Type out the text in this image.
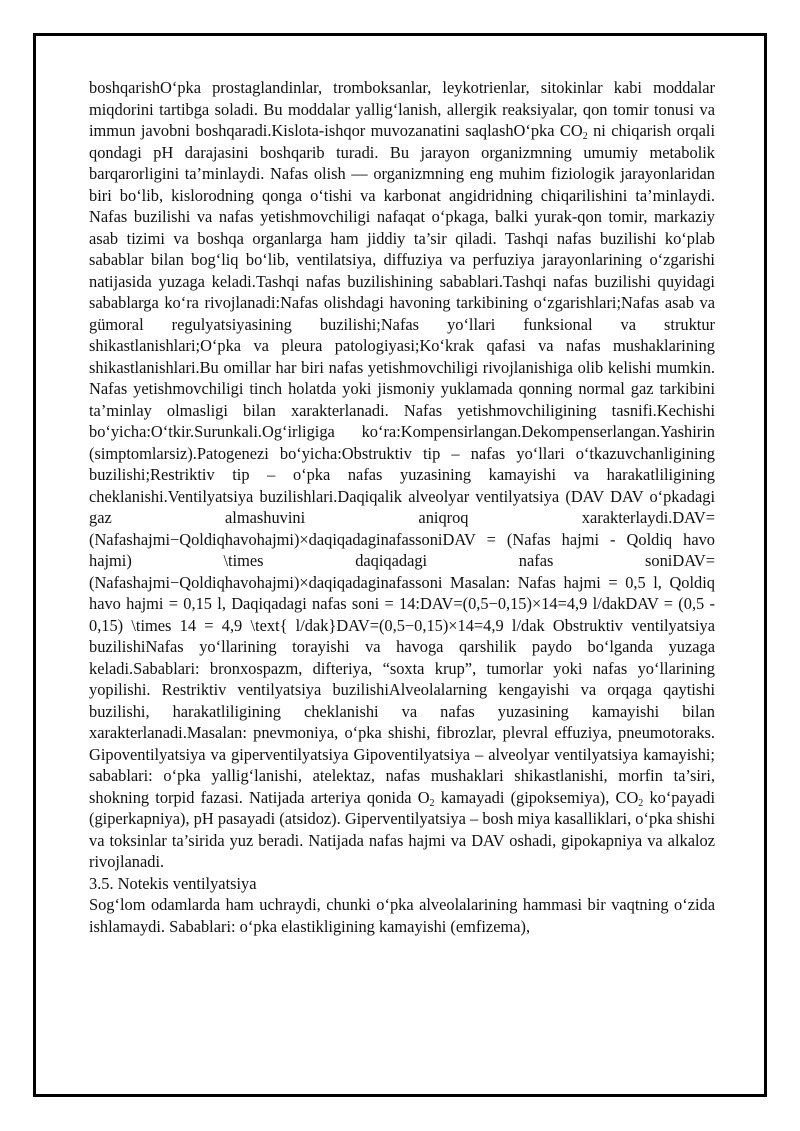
boshqarishO‘pka prostaglandinlar, tromboksanlar, leykotrienlar, sitokinlar kabi moddalar miqdorini tartibga soladi. Bu moddalar yallig‘lanish, allergik reaksiyalar, qon tomir tonusi va immun javobni boshqaradi.Kislota-ishqor muvozanatini saqlashO‘pka $CO_2$ ni chiqarish orqali qondagi pH darajasini boshqarib turadi. Bu jarayon organizmning umumiy metabolik barqarorligini ta’minlaydi. Nafas olish — organizmning eng muhim fiziologik jarayonlaridan biri bo‘lib, kislorodning qonga o‘tishi va karbonat angidridning chiqarilishini ta’minlaydi. Nafas buzilishi va nafas yetishmovchiligi nafaqat o‘pkaga, balki yurak-qon tomir, markaziy asab tizimi va boshqa organlarga ham jiddiy ta’sir qiladi. Tashqi nafas buzilishi ko‘plab sabablar bilan bog‘liq bo‘lib, ventilatsiya, diffuziya va perfuziya jarayonlarining o‘zgarishi natijasida yuzaga keladi.Tashqi nafas buzilishining sabablari.Tashqi nafas buzilishi quyidagi sabablarga ko‘ra rivojlanadi:Nafas olishdagi havoning tarkibining o‘zgarishlari;Nafas asab va gümoral regulyatsiyasining buzilishi;Nafas yo‘llari funksional va struktur shikastlanishlari;O‘pka va pleura patologiyasi;Ko‘krak qafasi va nafas mushaklarining shikastlanishlari.Bu omillar har biri nafas yetishmovchiligi rivojlanishiga olib kelishi mumkin. Nafas yetishmovchiligi tinch holatda yoki jismoniy yuklamada qonning normal gaz tarkibini ta’minlay olmasligi bilan xarakterlanadi. Nafas yetishmovchiligining tasnifi.Kechishi bo‘yicha:O‘tkir.Surunkali.Og‘irligiga ko‘ra:Kompensirlangan.Dekompenserlangan.Yashirin (simptomlarsiz).Patogenezi bo‘yicha:Obstruktiv tip – nafas yo‘llari o‘tkazuvchanligining buzilishi;Restriktiv tip – o‘pka nafas yuzasining kamayishi va harakatliligining cheklanishi.Ventilyatsiya buzilishlari.Daqiqalik alveolyar ventilyatsiya (DAV DAV o‘pkadagi gaz almashuvini aniqroq xarakterlaydi.DAV=(Nafashajmi−Qoldiqhavohajmi)×daqiqadaginafassoniDAV = (Nafas hajmi - Qoldiq havo hajmi) \times daqiqadagi nafas soniDAV=(Nafashajmi−Qoldiqhavohajmi)×daqiqadaginafassoni Masalan: Nafas hajmi = 0,5 l, Qoldiq havo hajmi = 0,15 l, Daqiqadagi nafas soni = 14:DAV=(0,5−0,15)×14=4,9 l/dakDAV = (0,5 - 0,15) \times 14 = 4,9 \text{ l/dak}DAV=(0,5−0,15)×14=4,9 l/dak Obstruktiv ventilyatsiya buzilishiNafas yo‘llarining torayishi va havoga qarshilik paydo bo‘lganda yuzaga keladi.Sabablari: bronxospazm, difteriya, “soxta krup”, tumorlar yoki nafas yo‘llarining yopilishi. Restriktiv ventilyatsiya buzilishiAlveolalarning kengayishi va orqaga qaytishi buzilishi, harakatliligining cheklanishi va nafas yuzasining kamayishi bilan xarakterlanadi.Masalan: pnevmoniya, o‘pka shishi, fibrozlar, plevral effuziya, pneumotoraks. Gipoventilyatsiya va giperventilyatsiya Gipoventilyatsiya – alveolyar ventilyatsiya kamayishi; sabablari: o‘pka yallig‘lanishi, atelektaz, nafas mushaklari shikastlanishi, morfin ta’siri, shokning torpid fazasi. Natijada arteriya qonida $O_2$ kamayadi (gipoksemiya), $CO_2$ ko‘payadi (giperkapniya), pH pasayadi (atsidoz). Giperventilyatsiya – bosh miya kasalliklari, o‘pka shishi va toksinlar ta’sirida yuz beradi. Natijada nafas hajmi va DAV oshadi, gipokapniya va alkaloz rivojlanadi.

3.5. Notekis ventilyatsiya

Sog‘lom odamlarda ham uchraydi, chunki o‘pka alveolalarining hammasi bir vaqtning o‘zida ishlamaydi. Sabablari: o‘pka elastikligining kamayishi (emfizema),
